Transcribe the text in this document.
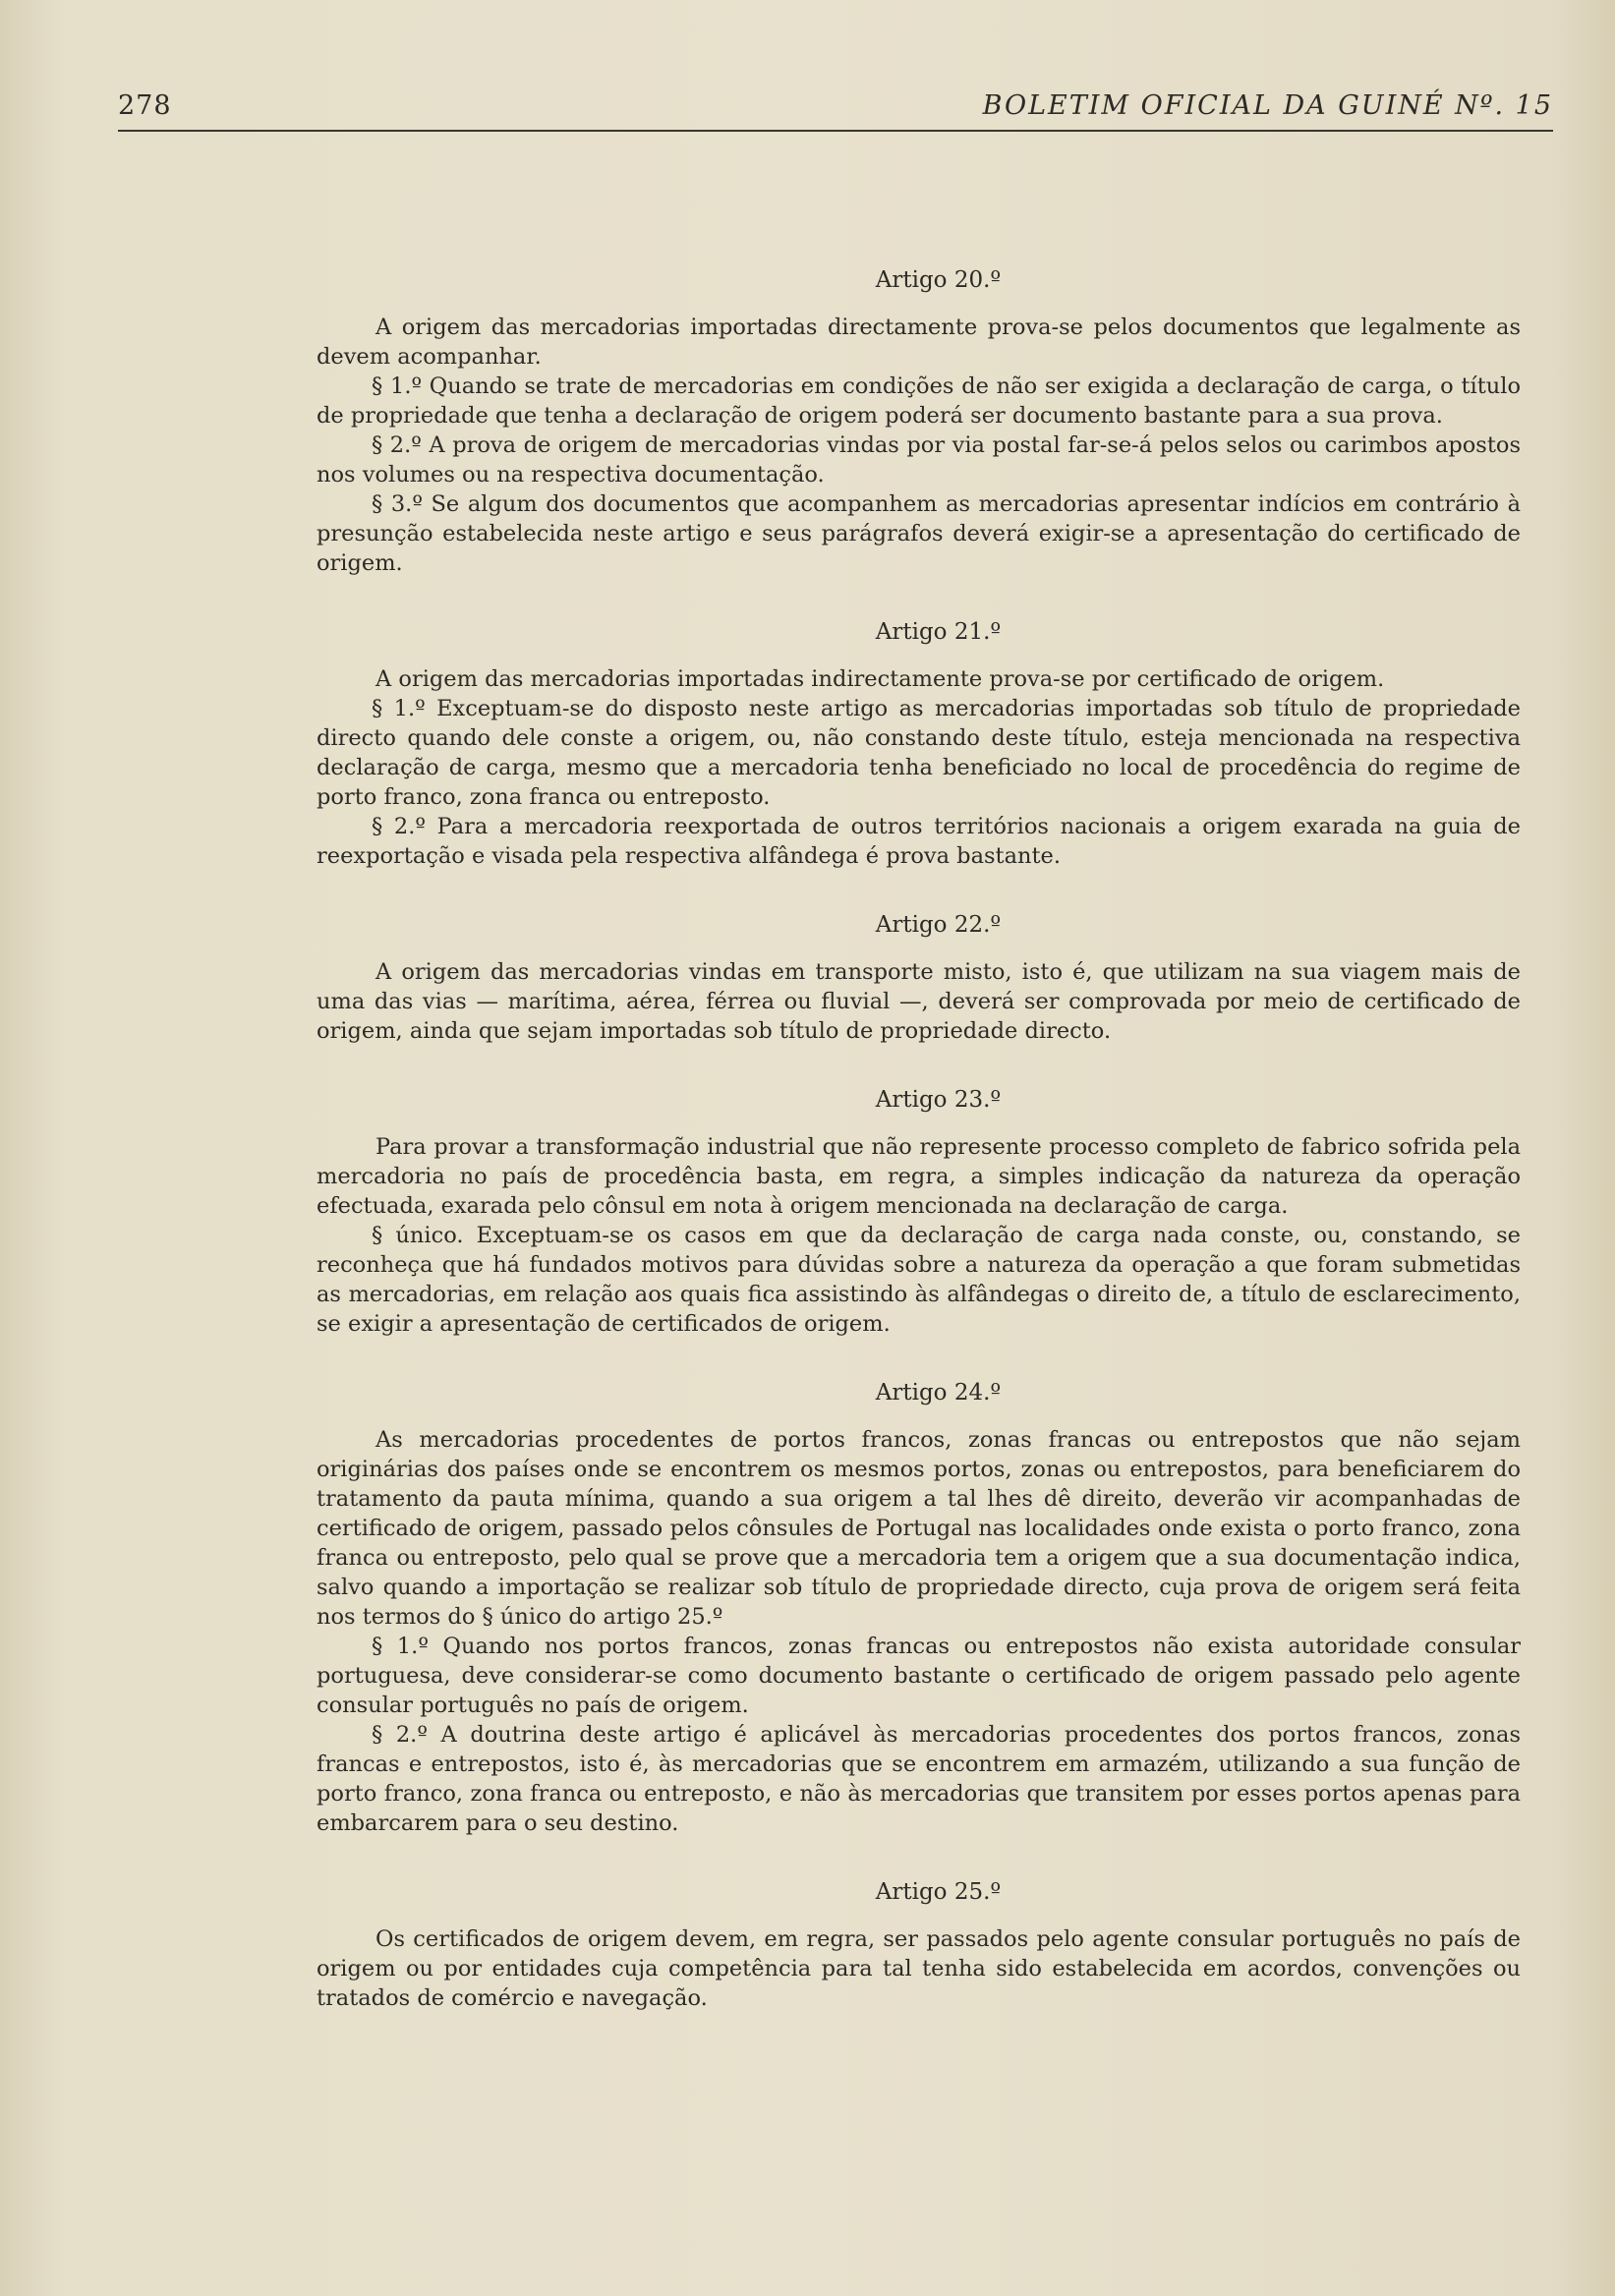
278	BOLETIM OFICIAL DA GUINÉ Nº. 15
Artigo 20.º

A origem das mercadorias importadas directamente prova-se pelos documentos que legalmente as devem acompanhar.

§ 1.º Quando se trate de mercadorias em condições de não ser exigida a declaração de carga, o título de propriedade que tenha a declaração de origem poderá ser documento bastante para a sua prova.

§ 2.º A prova de origem de mercadorias vindas por via postal far-se-á pelos selos ou carimbos apostos nos volumes ou na respectiva documentação.

§ 3.º Se algum dos documentos que acompanhem as mercadorias apresentar indícios em contrário à presunção estabelecida neste artigo e seus parágrafos deverá exigir-se a apresentação do certificado de origem.

Artigo 21.º

A origem das mercadorias importadas indirectamente prova-se por certificado de origem.

§ 1.º Exceptuam-se do disposto neste artigo as mercadorias importadas sob título de propriedade directo quando dele conste a origem, ou, não constando deste título, esteja mencionada na respectiva declaração de carga, mesmo que a mercadoria tenha beneficiado no local de procedência do regime de porto franco, zona franca ou entreposto.

§ 2.º Para a mercadoria reexportada de outros territórios nacionais a origem exarada na guia de reexportação e visada pela respectiva alfândega é prova bastante.

Artigo 22.º

A origem das mercadorias vindas em transporte misto, isto é, que utilizam na sua viagem mais de uma das vias — marítima, aérea, férrea ou fluvial —, deverá ser comprovada por meio de certificado de origem, ainda que sejam importadas sob título de propriedade directo.

Artigo 23.º

Para provar a transformação industrial que não represente processo completo de fabrico sofrida pela mercadoria no país de procedência basta, em regra, a simples indicação da natureza da operação efectuada, exarada pelo cônsul em nota à origem mencionada na declaração de carga.

§ único. Exceptuam-se os casos em que da declaração de carga nada conste, ou, constando, se reconheça que há fundados motivos para dúvidas sobre a natureza da operação a que foram submetidas as mercadorias, em relação aos quais fica assistindo às alfândegas o direito de, a título de esclarecimento, se exigir a apresentação de certificados de origem.

Artigo 24.º

As mercadorias procedentes de portos francos, zonas francas ou entrepostos que não sejam originárias dos países onde se encontrem os mesmos portos, zonas ou entrepostos, para beneficiarem do tratamento da pauta mínima, quando a sua origem a tal lhes dê direito, deverão vir acompanhadas de certificado de origem, passado pelos cônsules de Portugal nas localidades onde exista o porto franco, zona franca ou entreposto, pelo qual se prove que a mercadoria tem a origem que a sua documentação indica, salvo quando a importação se realizar sob título de propriedade directo, cuja prova de origem será feita nos termos do § único do artigo 25.º

§ 1.º Quando nos portos francos, zonas francas ou entrepostos não exista autoridade consular portuguesa, deve considerar-se como documento bastante o certificado de origem passado pelo agente consular português no país de origem.

§ 2.º A doutrina deste artigo é aplicável às mercadorias procedentes dos portos francos, zonas francas e entrepostos, isto é, às mercadorias que se encontrem em armazém, utilizando a sua função de porto franco, zona franca ou entreposto, e não às mercadorias que transitem por esses portos apenas para embarcarem para o seu destino.

Artigo 25.º

Os certificados de origem devem, em regra, ser passados pelo agente consular português no país de origem ou por entidades cuja competência para tal tenha sido estabelecida em acordos, convenções ou tratados de comércio e navegação.
